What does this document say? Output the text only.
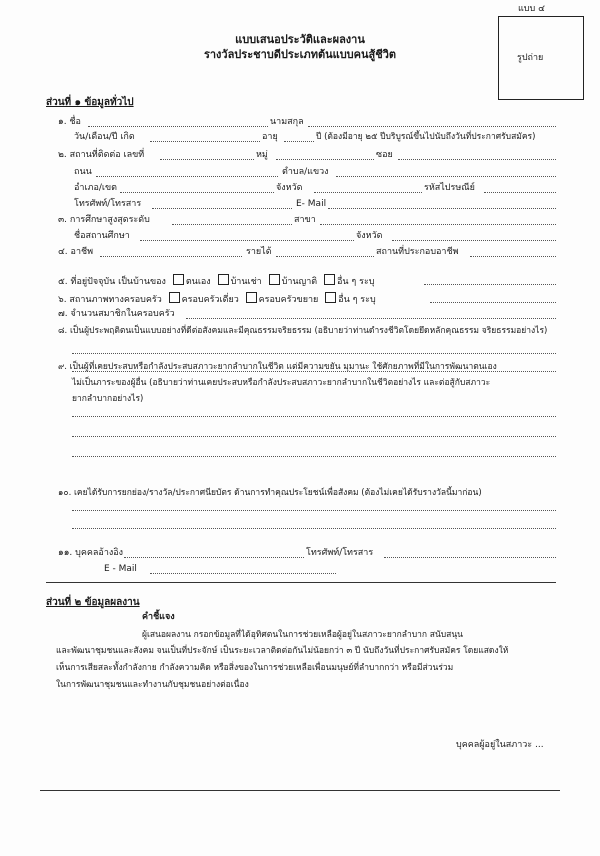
แบบ ๔
แบบเสนอประวัติและผลงาน
รางวัลประชาบดีประเภทต้นแบบคนสู้ชีวิต	รูปถ่าย
ส่วนที่ ๑ ข้อมูลทั่วไป
๑. ชื่อ	นามสกุล
วัน/เดือน/ปี เกิด	อายุ	ปี (ต้องมีอายุ ๒๕ ปีบริบูรณ์ขึ้นไปนับถึงวันที่ประกาศรับสมัคร)
๒. สถานที่ติดต่อ เลขที่	หมู่	ซอย
ถนน	ตำบล/แขวง
อำเภอ/เขต	จังหวัด	รหัสไปรษณีย์
โทรศัพท์/โทรสาร	E- Mail
๓. การศึกษาสูงสุดระดับ	สาขา
ชื่อสถานศึกษา	จังหวัด
๔. อาชีพ	รายได้	สถานที่ประกอบอาชีพ
๕. ที่อยู่ปัจจุบัน เป็นบ้านของ ตนเอง บ้านเช่า บ้านญาติ อื่น ๆ ระบุ
๖. สถานภาพทางครอบครัว ครอบครัวเดี่ยว ครอบครัวขยาย อื่น ๆ ระบุ
๗. จำนวนสมาชิกในครอบครัว
๘. เป็นผู้ประพฤติตนเป็นแบบอย่างที่ดีต่อสังคมและมีคุณธรรมจริยธรรม (อธิบายว่าท่านดำรงชีวิตโดยยึดหลักคุณธรรม จริยธรรมอย่างไร)
๙. เป็นผู้ที่เคยประสบหรือกำลังประสบสภาวะยากลำบากในชีวิต แต่มีความขยัน มุมานะ ใช้ศักยภาพที่มีในการพัฒนาตนเอง
ไม่เป็นภาระของผู้อื่น (อธิบายว่าท่านเคยประสบหรือกำลังประสบสภาวะยากลำบากในชีวิตอย่างไร และต่อสู้กับสภาวะ
ยากลำบากอย่างไร)
๑๐. เคยได้รับการยกย่อง/รางวัล/ประกาศนียบัตร ด้านการทำคุณประโยชน์เพื่อสังคม (ต้องไม่เคยได้รับรางวัลนี้มาก่อน)
๑๑. บุคคลอ้างอิง	โทรศัพท์/โทรสาร
E - Mail
ส่วนที่ ๒ ข้อมูลผลงาน
คำชี้แจง
ผู้เสนอผลงาน กรอกข้อมูลที่ได้อุทิศตนในการช่วยเหลือผู้อยู่ในสภาวะยากลำบาก สนับสนุน
และพัฒนาชุมชนและสังคม จนเป็นที่ประจักษ์ เป็นระยะเวลาติดต่อกันไม่น้อยกว่า ๓ ปี นับถึงวันที่ประกาศรับสมัคร โดยแสดงให้
เห็นการเสียสละทั้งกำลังกาย กำลังความคิด หรือสิ่งของในการช่วยเหลือเพื่อนมนุษย์ที่ลำบากกว่า หรือมีส่วนร่วม
ในการพัฒนาชุมชนและทำงานกับชุมชนอย่างต่อเนื่อง
บุคคลผู้อยู่ในสภาวะ ...
